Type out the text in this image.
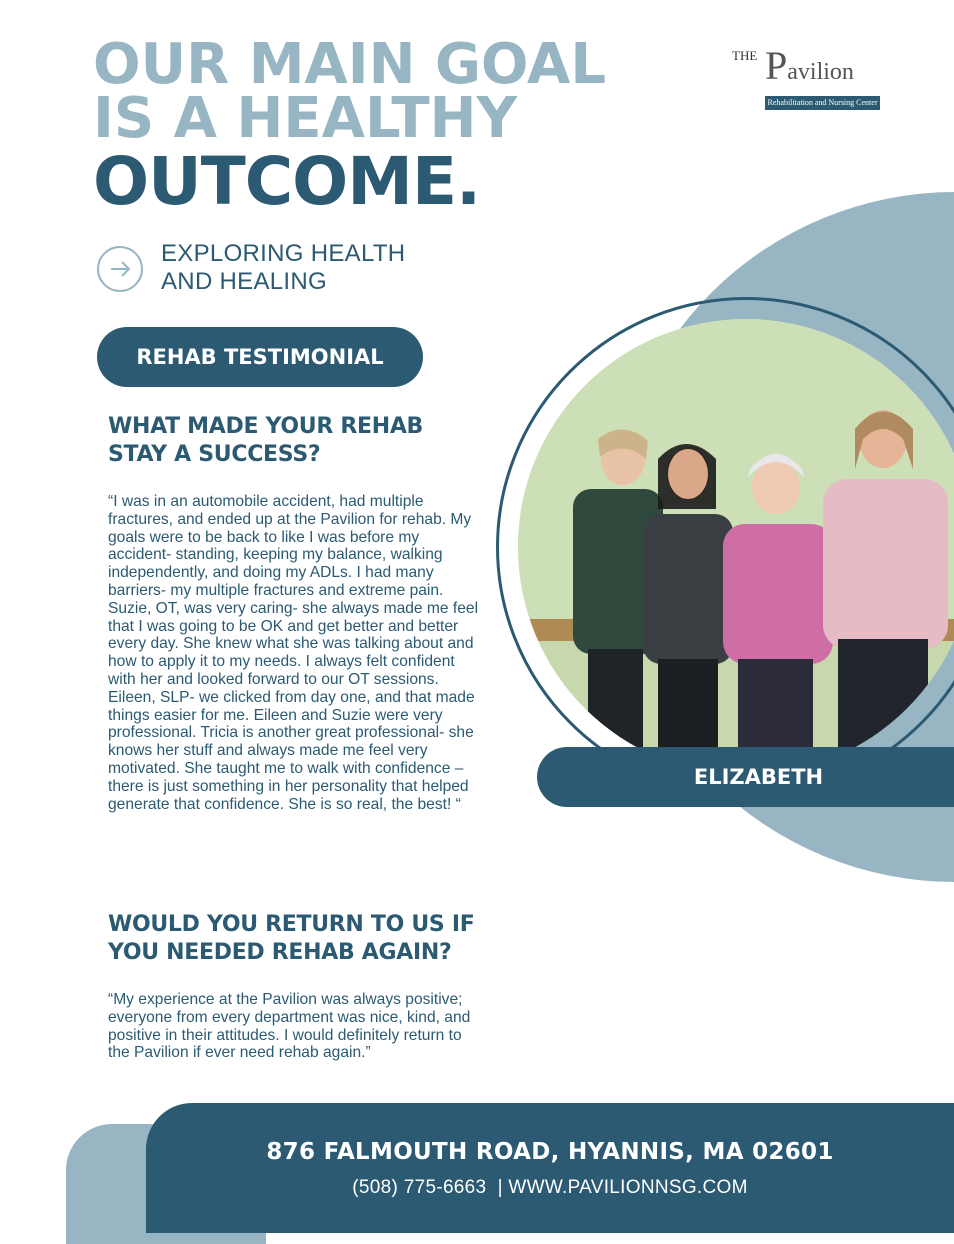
OUR MAIN GOAL
IS A HEALTHY
OUTCOME.
THE Pavilion
Rehabilitation and Nursing Center
EXPLORING HEALTH
AND HEALING
REHAB TESTIMONIAL
WHAT MADE YOUR REHAB
STAY A SUCCESS?

“I was in an automobile accident, had multiple fractures, and ended up at the Pavilion for rehab. My goals were to be back to like I was before my accident- standing, keeping my balance, walking independently, and doing my ADLs. I had many barriers- my multiple fractures and extreme pain. Suzie, OT, was very caring- she always made me feel that I was going to be OK and get better and better every day. She knew what she was talking about and how to apply it to my needs. I always felt confident with her and looked forward to our OT sessions. Eileen, SLP- we clicked from day one, and that made things easier for me. Eileen and Suzie were very professional. Tricia is another great professional- she knows her stuff and always made me feel very motivated. She taught me to walk with confidence – there is just something in her personality that helped generate that confidence. She is so real, the best! “

WOULD YOU RETURN TO US IF
YOU NEEDED REHAB AGAIN?

“My experience at the Pavilion was always positive; everyone from every department was nice, kind, and positive in their attitudes. I would definitely return to the Pavilion if ever need rehab again.”

ELIZABETH
876 FALMOUTH ROAD, HYANNIS, MA 02601
(508) 775-6663  | WWW.PAVILIONNSG.COM
